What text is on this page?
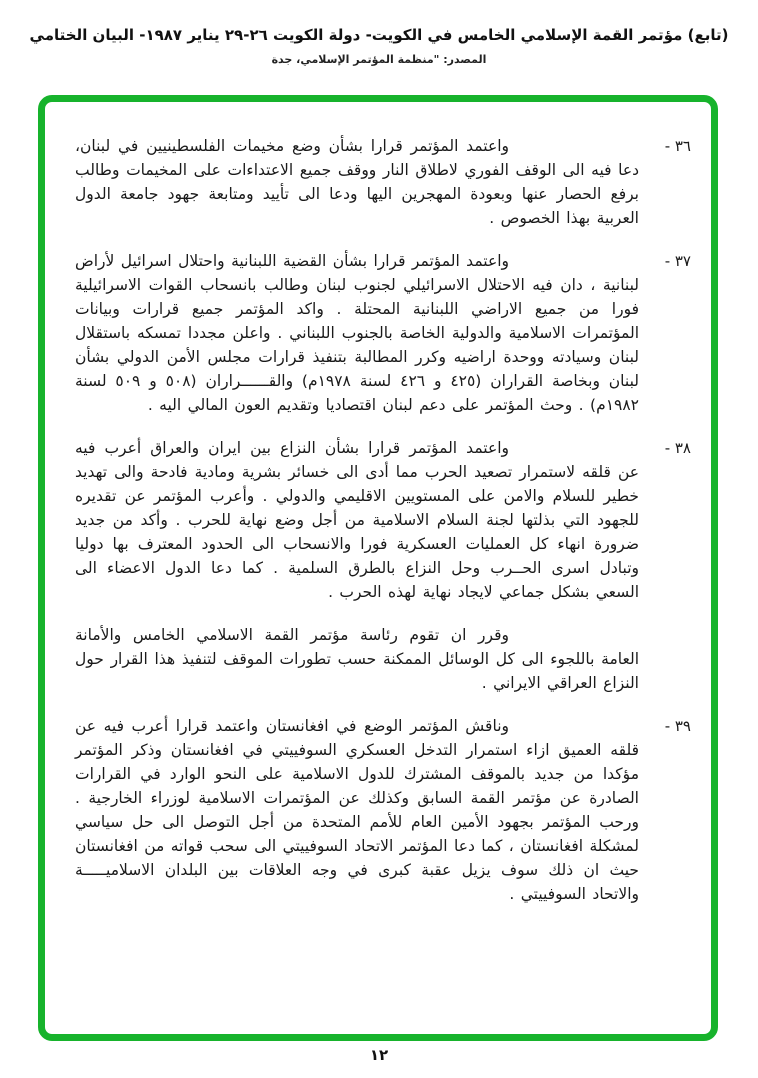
(تابع) مؤتمر القمة الإسلامي الخامس في الكويت- دولة الكويت ٢٦-٢٩ يناير ١٩٨٧- البيان الختامي
المصدر: "منظمة المؤتمر الإسلامي، جدة
٣٦ -
واعتمد المؤتمر قرارا بشأن وضع مخيمات الفلسطينيين في لبنان، دعا فيه الى الوقف الفوري لاطلاق النار ووقف جميع الاعتداءات على المخيمات وطالب برفع الحصار عنها وبعودة المهجرين اليها ودعا الى تأييد ومتابعة جهود جامعة الدول العربية بهذا الخصوص .
٣٧ -
واعتمد المؤتمر قرارا بشأن القضية اللبنانية واحتلال اسرائيل لأراض لبنانية ، دان فيه الاحتلال الاسرائيلي لجنوب لبنان وطالب بانسحاب القوات الاسرائيلية فورا من جميع الاراضي اللبنانية المحتلة . واكد المؤتمر جميع قرارات وبيانات المؤتمرات الاسلامية والدولية الخاصة بالجنوب اللبناني . واعلن مجددا تمسكه باستقلال لبنان وسيادته ووحدة اراضيه وكرر المطالبة بتنفيذ قرارات مجلس الأمن الدولي بشأن لبنان وبخاصة القراران (٤٢٥ و ٤٢٦ لسنة ١٩٧٨م) والقــــــراران (٥٠٨ و ٥٠٩ لسنة ١٩٨٢م) . وحث المؤتمر على دعم لبنان اقتصاديا وتقديم العون المالي اليه .
٣٨ -
واعتمد المؤتمر قرارا بشأن النزاع بين ايران والعراق أعرب فيه عن قلقه لاستمرار تصعيد الحرب مما أدى الى خسائر بشرية ومادية فادحة والى تهديد خطير للسلام والامن على المستويين الاقليمي والدولي . وأعرب المؤتمر عن تقديره للجهود التي بذلتها لجنة السلام الاسلامية من أجل وضع نهاية للحرب . وأكد من جديد ضرورة انهاء كل العمليات العسكرية فورا والانسحاب الى الحدود المعترف بها دوليا وتبادل اسرى الحــرب وحل النزاع بالطرق السلمية . كما دعا الدول الاعضاء الى السعي بشكل جماعي لايجاد نهاية لهذه الحرب .
وقرر ان تقوم رئاسة مؤتمر القمة الاسلامي الخامس والأمانة العامة باللجوء الى كل الوسائل الممكنة حسب تطورات الموقف لتنفيذ هذا القرار حول النزاع العراقي الايراني .
٣٩ -
وناقش المؤتمر الوضع في افغانستان واعتمد قرارا أعرب فيه عن قلقه العميق ازاء استمرار التدخل العسكري السوفييتي في افغانستان وذكر المؤتمر مؤكدا من جديد بالموقف المشترك للدول الاسلامية على النحو الوارد في القرارات الصادرة عن مؤتمر القمة السابق وكذلك عن المؤتمرات الاسلامية لوزراء الخارجية . ورحب المؤتمر بجهود الأمين العام للأمم المتحدة من أجل التوصل الى حل سياسي لمشكلة افغانستان ، كما دعا المؤتمر الاتحاد السوفييتي الى سحب قواته من افغانستان حيث ان ذلك سوف يزيل عقبة كبرى في وجه العلاقات بين البلدان الاسلاميـــــة والاتحاد السوفييتي .
١٢
